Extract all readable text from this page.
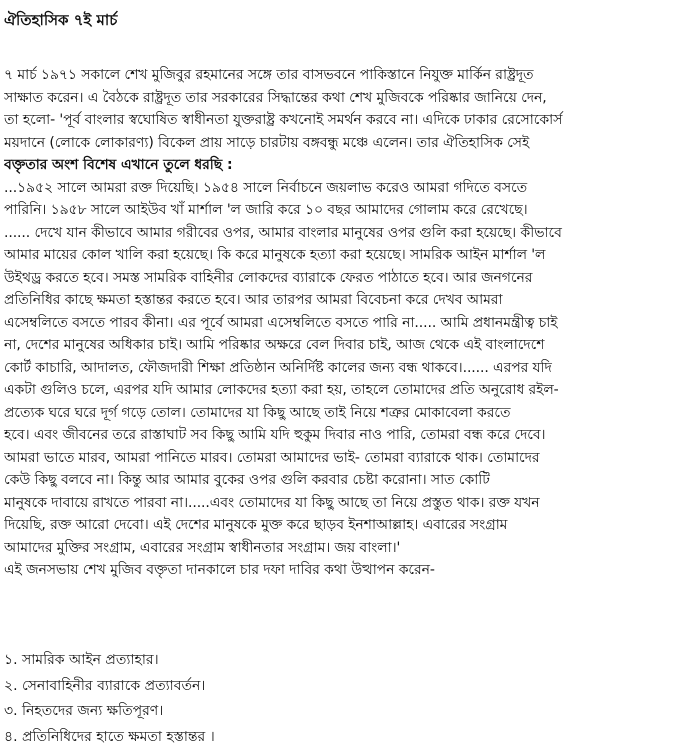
ঐতিহাসিক ৭ই মার্চ
৭ মার্চ ১৯৭১ সকালে শেখ মুজিবুর রহমানের সঙ্গে তার বাসভবনে পাকিস্তানে নিযুক্ত মার্কিন রাষ্ট্রদূত
সাক্ষাত করেন। এ বৈঠকে রাষ্ট্রদূত তার সরকারের সিদ্ধান্তের কথা শেখ মুজিবকে পরিষ্কার জানিয়ে দেন,
তা হলো- 'পূর্ব বাংলার স্বঘোষিত স্বাধীনতা যুক্তরাষ্ট্র কখনোই সমর্থন করবে না। এদিকে ঢাকার রেসোকোর্স
ময়দানে (লোকে লোকারণ্য) বিকেল প্রায় সাড়ে চারটায় বঙ্গবন্ধু মঞ্চে এলেন। তার ঐতিহাসিক সেই
বক্তৃতার অংশ বিশেষ এখানে তুলে ধরছি :
...১৯৫২ সালে আমরা রক্ত দিয়েছি। ১৯৫৪ সালে নির্বাচনে জয়লাভ করেও আমরা গদিতে বসতে
পারিনি। ১৯৫৮ সালে আইউব খাঁ মার্শাল 'ল জারি করে ১০ বছর আমাদের গোলাম করে রেখেছে।
...... দেখে যান কীভাবে আমার গরীবের ওপর, আমার বাংলার মানুষের ওপর গুলি করা হয়েছে। কীভাবে
আমার মায়ের কোল খালি করা হয়েছে। কি করে মানুষকে হত্যা করা হয়েছে। সামরিক আইন মার্শাল 'ল
উইথড্র করতে হবে। সমস্ত সামরিক বাহিনীর লোকদের ব্যারাকে ফেরত পাঠাতে হবে। আর জনগনের
প্রতিনিধির কাছে ক্ষমতা হস্তান্তর করতে হবে। আর তারপর আমরা বিবেচনা করে দেখব আমরা
এসেম্বলিতে বসতে পারব কীনা। এর পূর্বে আমরা এসেম্বলিতে বসতে পারি না..... আমি প্রধানমন্ত্রীত্ব চাই
না, দেশের মানুষের অধিকার চাই। আমি পরিষ্কার অক্ষরে বেল দিবার চাই, আজ থেকে এই বাংলাদেশে
কোর্ট কাচারি, আদালত, ফৌজদারী শিক্ষা প্রতিষ্ঠান অনির্দিষ্ট কালের জন্য বন্ধ থাকবে।...... এরপর যদি
একটা গুলিও চলে, এরপর যদি আমার লোকদের হত্যা করা হয়, তাহলে তোমাদের প্রতি অনুরোধ রইল-
প্রত্যেক ঘরে ঘরে দূর্গ গড়ে তোল। তোমাদের যা কিছু আছে তাই নিয়ে শত্রুর মোকাবেলা করতে
হবে। এবং জীবনের তরে রাস্তাঘাট সব কিছু আমি যদি হুকুম দিবার নাও পারি, তোমরা বন্ধ করে দেবে।
আমরা ভাতে মারব, আমরা পানিতে মারব। তোমরা আমাদের ভাই- তোমরা ব্যারাকে থাক। তোমাদের
কেউ কিছু বলবে না। কিন্তু আর আমার বুকের ওপর গুলি করবার চেষ্টা করোনা। সাত কোটি
মানুষকে দাবায়ে রাখতে পারবা না।.....এবং তোমাদের যা কিছু আছে তা নিয়ে প্রস্তুত থাক। রক্ত যখন
দিয়েছি, রক্ত আরো দেবো। এই দেশের মানুষকে মুক্ত করে ছাড়ব ইনশাআল্লাহ। এবারের সংগ্রাম
আমাদের মুক্তির সংগ্রাম, এবারের সংগ্রাম স্বাধীনতার সংগ্রাম। জয় বাংলা।'
এই জনসভায় শেখ মুজিব বক্তৃতা দানকালে চার দফা দাবির কথা উত্থাপন করেন-
১. সামরিক আইন প্রত্যাহার।
২. সেনাবাহিনীর ব্যারাকে প্রত্যাবর্তন।
৩. নিহতদের জন্য ক্ষতিপূরণ।
৪. প্রতিনিধিদের হাতে ক্ষমতা হস্তান্তর ।
